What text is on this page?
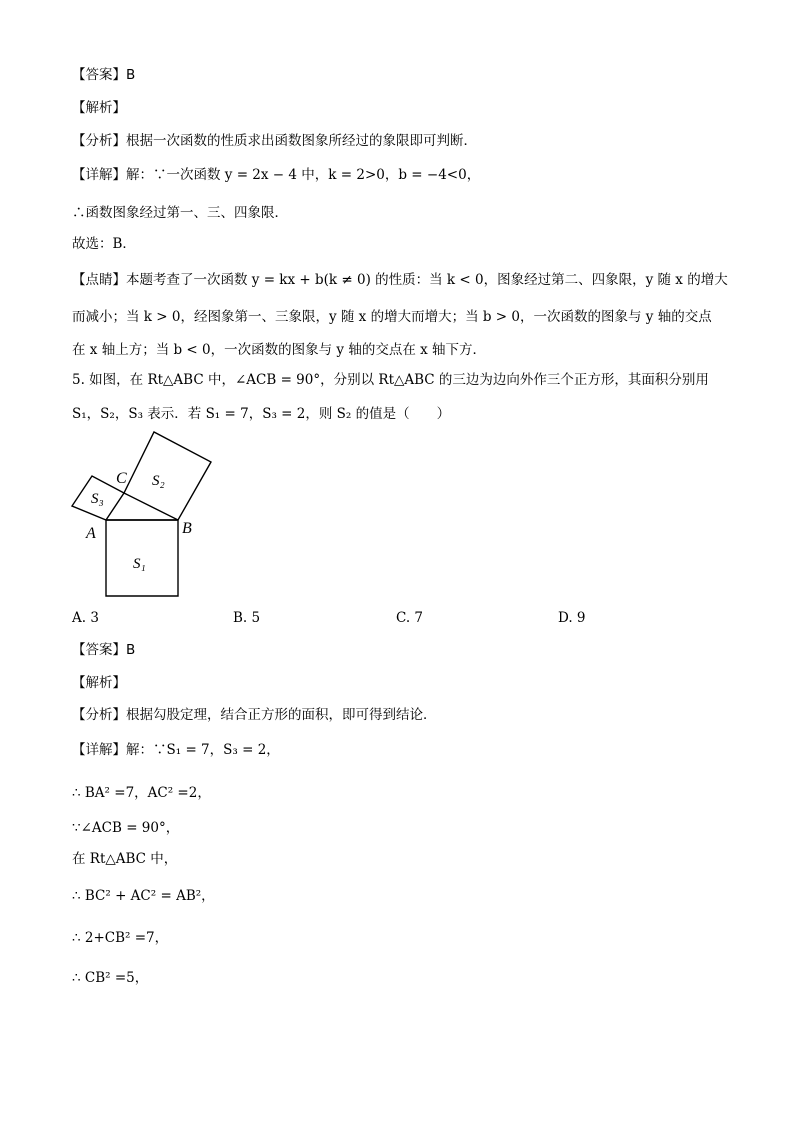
【答案】B
【解析】
【分析】根据一次函数的性质求出函数图象所经过的象限即可判断．
【详解】解：∵一次函数 y = 2x − 4 中，k = 2>0，b = −4<0，
∴函数图象经过第一、三、四象限．
故选：B．
【点睛】本题考查了一次函数 y = kx + b(k ≠ 0) 的性质：当 k < 0，图象经过第二、四象限，y 随 x 的增大
而减小；当 k > 0，经图象第一、三象限，y 随 x 的增大而增大；当 b > 0，一次函数的图象与 y 轴的交点
在 x 轴上方；当 b < 0，一次函数的图象与 y 轴的交点在 x 轴下方．
5. 如图，在 Rt△ABC 中，∠ACB = 90°，分别以 Rt△ABC 的三边为边向外作三个正方形，其面积分别用
S₁，S₂，S₃ 表示．若 S₁ = 7，S₃ = 2，则 S₂ 的值是（　　）
C
A	B
S₁
S₂
S₃
A. 3	B. 5	C. 7	D. 9
【答案】B
【解析】
【分析】根据勾股定理，结合正方形的面积，即可得到结论．
【详解】解：∵S₁ = 7，S₃ = 2，
∴ BA² =7，AC² =2，
∵∠ACB = 90°，
在 Rt△ABC 中，
∴ BC² + AC² = AB²，
∴ 2+CB² =7，
∴ CB² =5，
